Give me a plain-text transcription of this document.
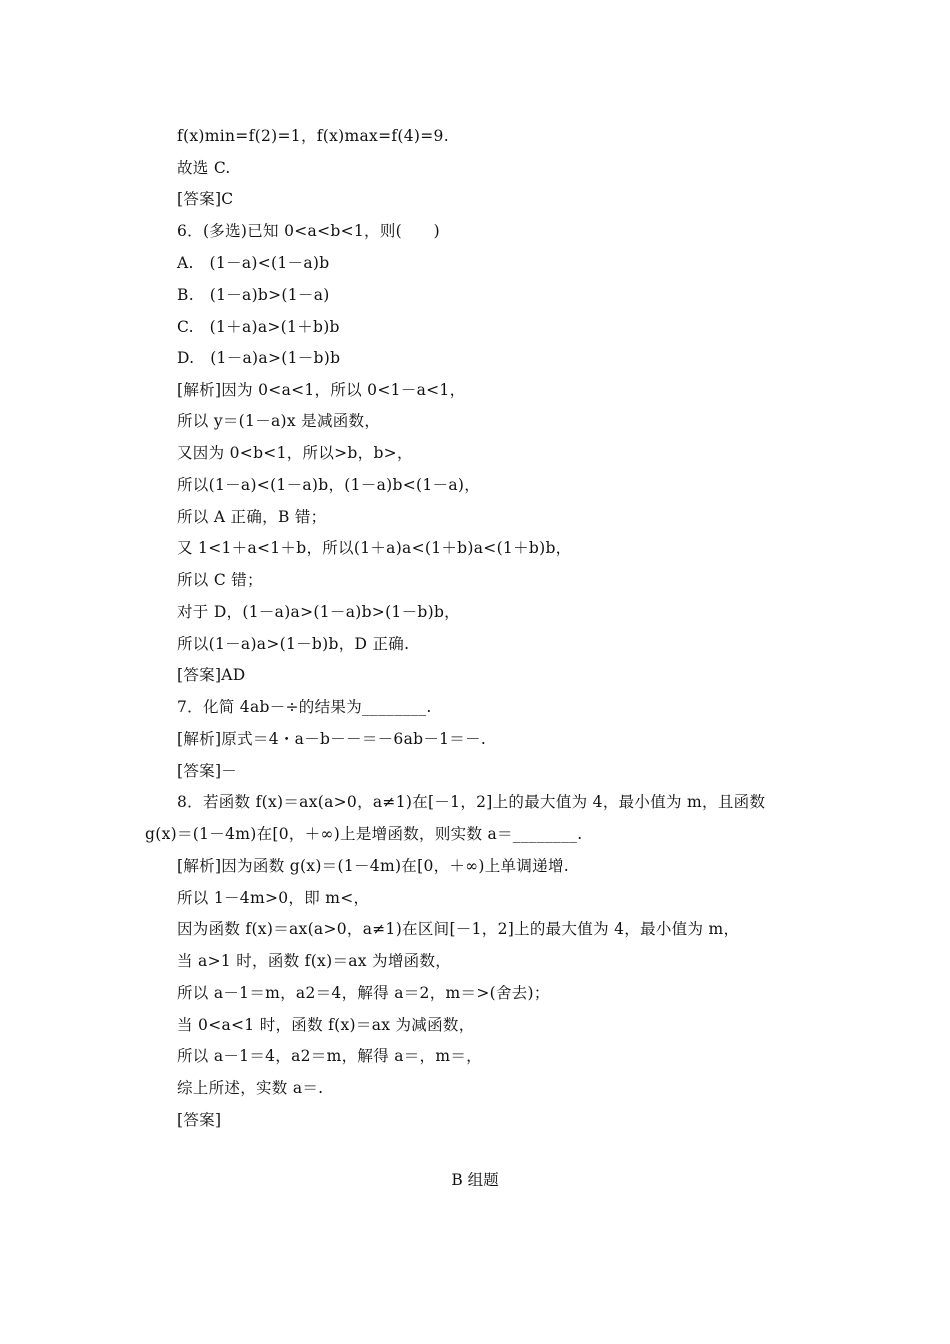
f(x)min=f(2)=1，f(x)max=f(4)=9.
故选 C.
[答案]C
6．(多选)已知 0<a<b<1，则(　　)
A.　(1－a)<(1－a)b
B.　(1－a)b>(1－a)
C.　(1＋a)a>(1＋b)b
D.　(1－a)a>(1－b)b
[解析]因为 0<a<1，所以 0<1－a<1，
所以 y＝(1－a)x 是减函数，
又因为 0<b<1，所以>b，b>，
所以(1－a)<(1－a)b，(1－a)b<(1－a)，
所以 A 正确，B 错；
又 1<1＋a<1＋b，所以(1＋a)a<(1＋b)a<(1＋b)b，
所以 C 错；
对于 D，(1－a)a>(1－a)b>(1－b)b，
所以(1－a)a>(1－b)b，D 正确.
[答案]AD
7．化简 4ab－÷的结果为________.
[解析]原式＝4・a－b－－＝－6ab－1＝－.
[答案]－
8．若函数 f(x)＝ax(a>0，a≠1)在[－1，2]上的最大值为 4，最小值为 m，且函数
g(x)＝(1－4m)在[0，＋∞)上是增函数，则实数 a＝________.
[解析]因为函数 g(x)＝(1－4m)在[0，＋∞)上单调递增.
所以 1－4m>0，即 m<，
因为函数 f(x)＝ax(a>0，a≠1)在区间[－1，2]上的最大值为 4，最小值为 m，
当 a>1 时，函数 f(x)＝ax 为增函数，
所以 a－1＝m，a2＝4，解得 a＝2，m＝>(舍去)；
当 0<a<1 时，函数 f(x)＝ax 为减函数，
所以 a－1＝4，a2＝m，解得 a＝，m＝，
综上所述，实数 a＝.
[答案]
B 组题
